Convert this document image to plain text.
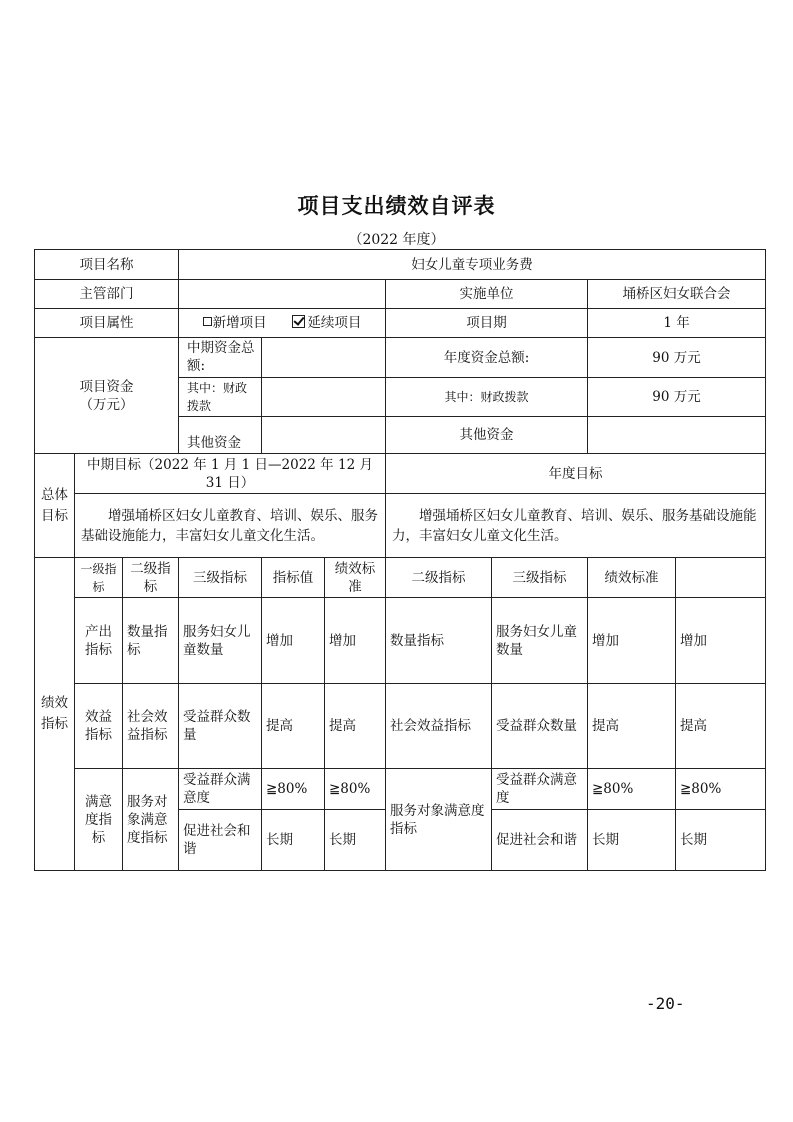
项目支出绩效自评表
（2022 年度）
项目名称			妇女儿童专项业务费						
主管部门						实施单位		埇桥区妇女联合会	
项目属性			新增项目 延续项目			项目期		1 年	

项目资金
（万元）			中期资金总额:			年度资金总额:		90 万元	
			其中：财政拨款			其中：财政拨款		90 万元	
			其他资金			其他资金			
总体目标	中期目标（2022 年 1 月 1 日—2022 年 12 月 31 日）					年度目标			
	增强埇桥区妇女儿童教育、培训、娱乐、服务基础设施能力，丰富妇女儿童文化生活。					增强埇桥区妇女儿童教育、培训、娱乐、服务基础设施能力，丰富妇女儿童文化生活。			
绩效指标	一级指标	二级指标	三级指标	指标值	绩效标准	二级指标	三级指标	绩效标准	
	产出指标	数量指标	服务妇女儿童数量	增加	增加	数量指标	服务妇女儿童数量	增加	增加
	效益指标	社会效益指标	受益群众数量	提高	提高	社会效益指标	受益群众数量	提高	提高
	满意度指标	服务对象满意度指标	受益群众满意度	≧80%	≧80%	服务对象满意度指标	受益群众满意度	≧80%	≧80%
			促进社会和谐	长期	长期		促进社会和谐	长期	长期
-20-
